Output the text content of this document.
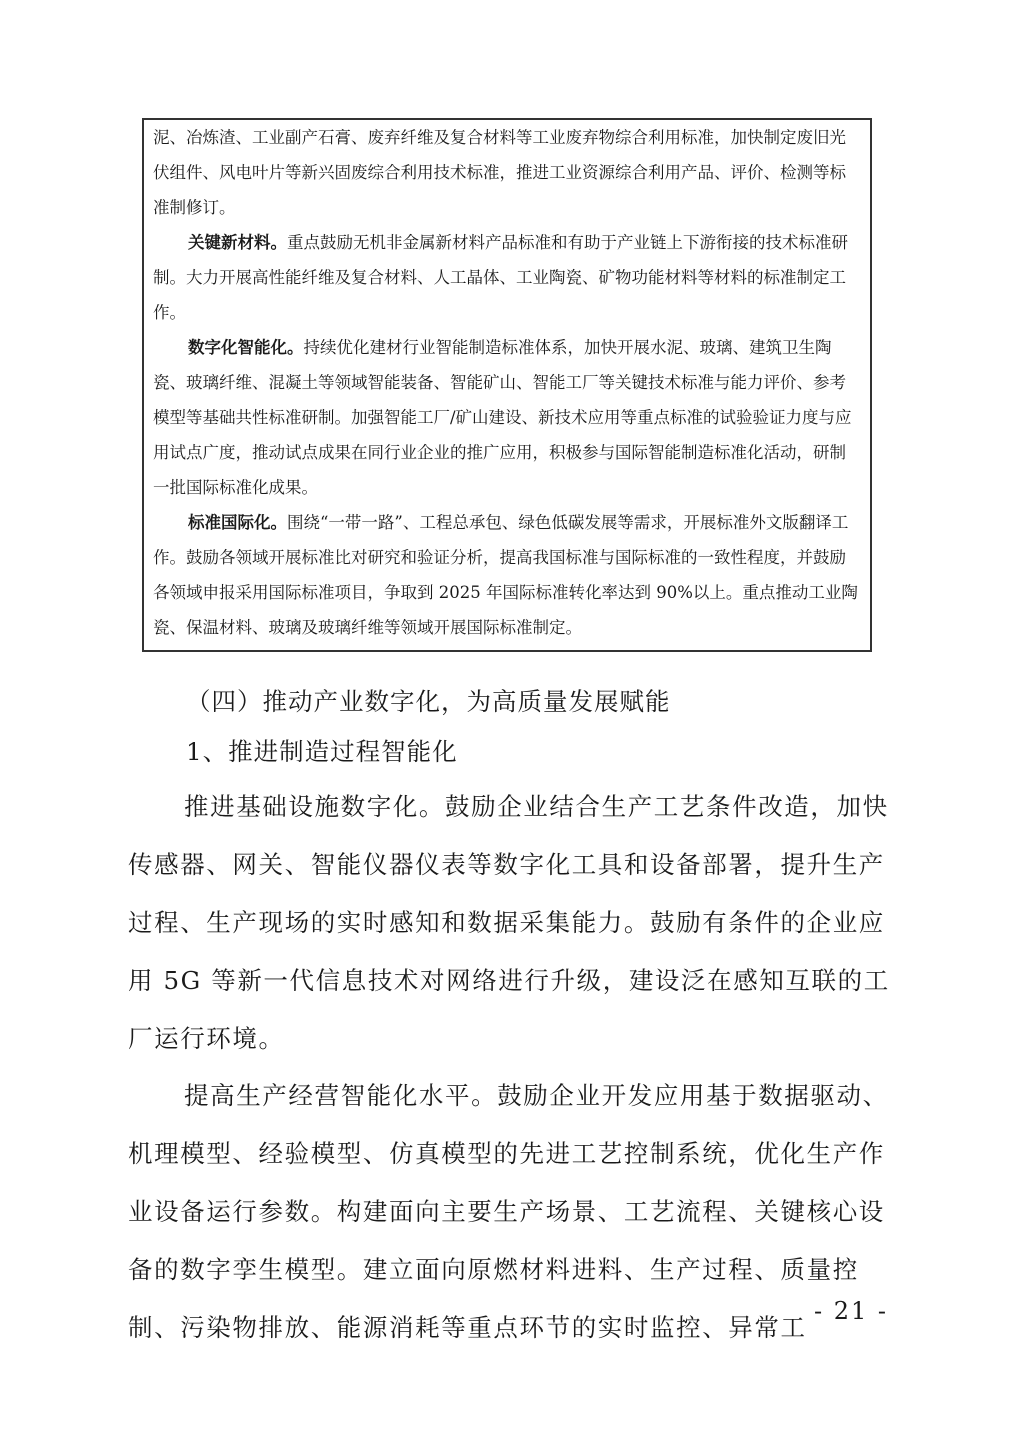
泥、冶炼渣、工业副产石膏、废弃纤维及复合材料等工业废弃物综合利用标准，加快制定废旧光伏组件、风电叶片等新兴固废综合利用技术标准，推进工业资源综合利用产品、评价、检测等标准制修订。

关键新材料。重点鼓励无机非金属新材料产品标准和有助于产业链上下游衔接的技术标准研制。大力开展高性能纤维及复合材料、人工晶体、工业陶瓷、矿物功能材料等材料的标准制定工作。

数字化智能化。持续优化建材行业智能制造标准体系，加快开展水泥、玻璃、建筑卫生陶瓷、玻璃纤维、混凝土等领域智能装备、智能矿山、智能工厂等关键技术标准与能力评价、参考模型等基础共性标准研制。加强智能工厂/矿山建设、新技术应用等重点标准的试验验证力度与应用试点广度，推动试点成果在同行业企业的推广应用，积极参与国际智能制造标准化活动，研制一批国际标准化成果。

标准国际化。围绕“一带一路”、工程总承包、绿色低碳发展等需求，开展标准外文版翻译工作。鼓励各领域开展标准比对研究和验证分析，提高我国标准与国际标准的一致性程度，并鼓励各领域申报采用国际标准项目，争取到 2025 年国际标准转化率达到 90%以上。重点推动工业陶瓷、保温材料、玻璃及玻璃纤维等领域开展国际标准制定。

（四）推动产业数字化，为高质量发展赋能
1、推进制造过程智能化

推进基础设施数字化。鼓励企业结合生产工艺条件改造，加快传感器、网关、智能仪器仪表等数字化工具和设备部署，提升生产过程、生产现场的实时感知和数据采集能力。鼓励有条件的企业应用 5G 等新一代信息技术对网络进行升级，建设泛在感知互联的工厂运行环境。

提高生产经营智能化水平。鼓励企业开发应用基于数据驱动、机理模型、经验模型、仿真模型的先进工艺控制系统，优化生产作业设备运行参数。构建面向主要生产场景、工艺流程、关键核心设备的数字孪生模型。建立面向原燃材料进料、生产过程、质量控制、污染物排放、能源消耗等重点环节的实时监控、异常工

- 21 -
